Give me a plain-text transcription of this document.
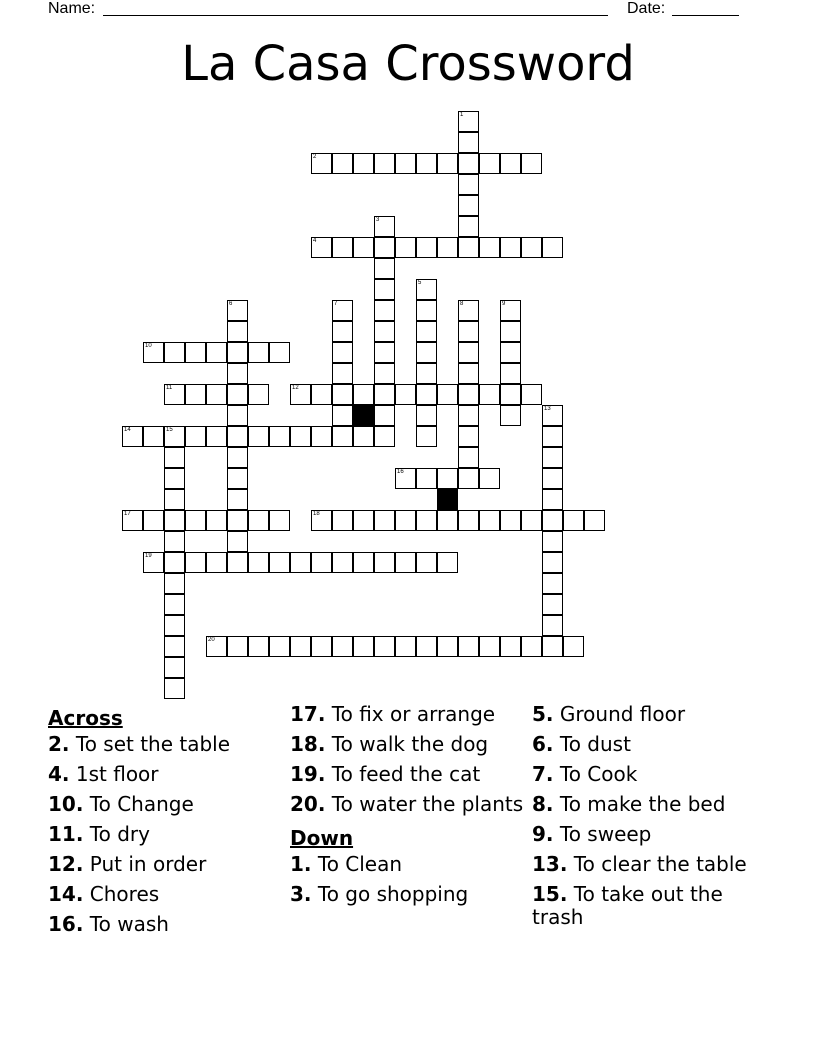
Name:	Date:
La Casa Crossword
1
2
3
4
5
6	7	8	9
10
11	12
13
14	15
16
17	18
19
20
Across
2. To set the table
4. 1st floor
10. To Change
11. To dry
12. Put in order
14. Chores
16. To wash
17. To fix or arrange
18. To walk the dog
19. To feed the cat
20. To water the plants
Down
1. To Clean
3. To go shopping
5. Ground floor
6. To dust
7. To Cook
8. To make the bed
9. To sweep
13. To clear the table
15. To take out the trash
